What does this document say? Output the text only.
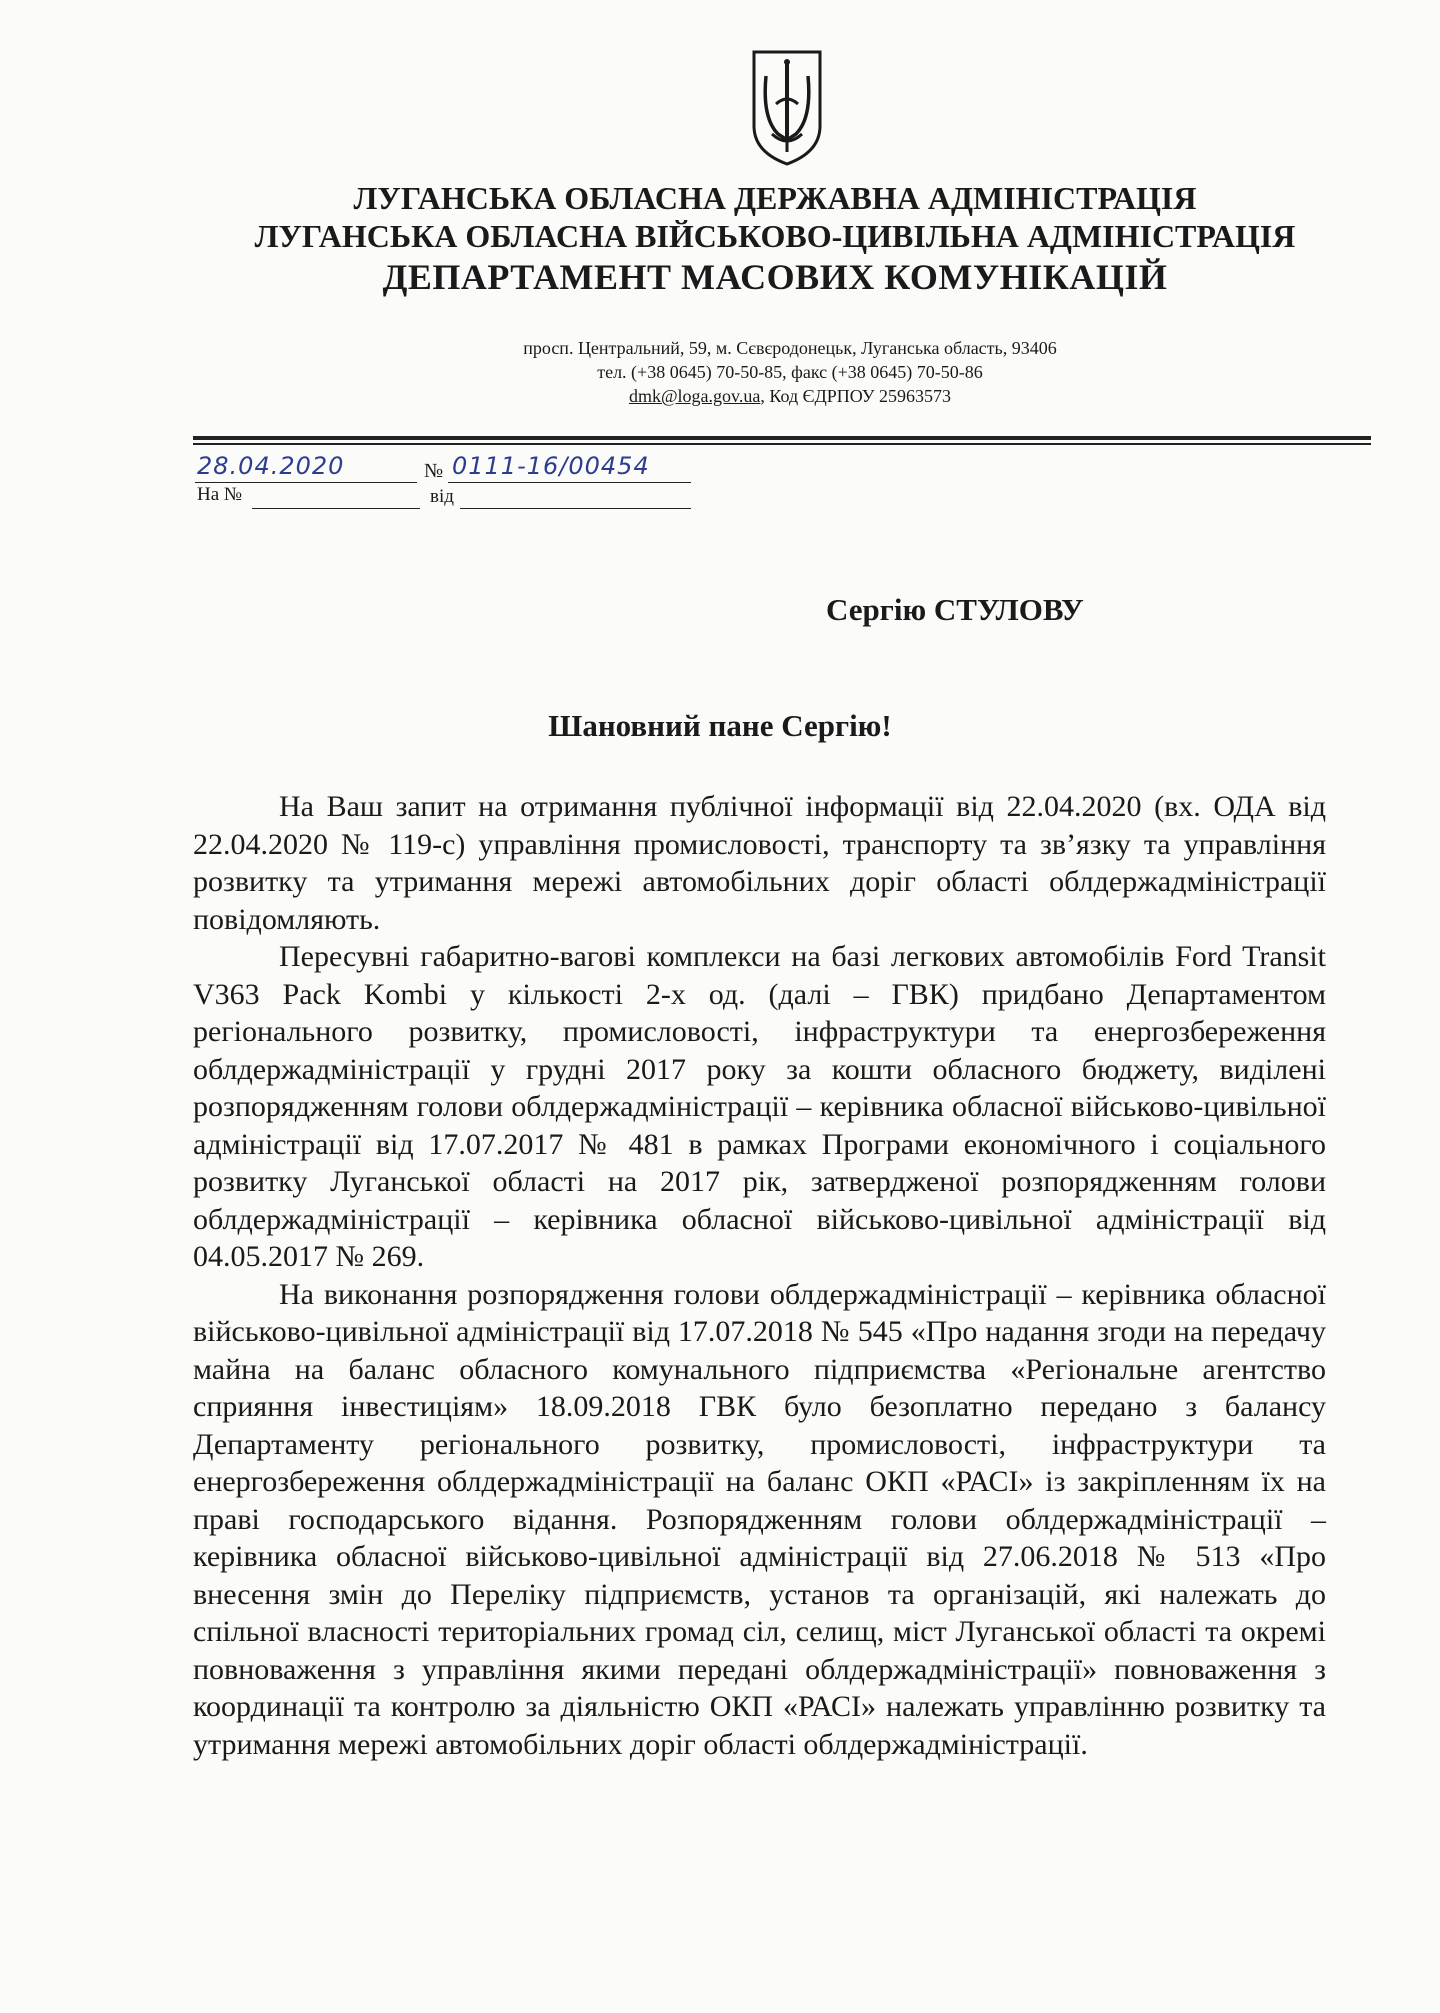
ЛУГАНСЬКА ОБЛАСНА ДЕРЖАВНА АДМІНІСТРАЦІЯ
ЛУГАНСЬКА ОБЛАСНА ВІЙСЬКОВО-ЦИВІЛЬНА АДМІНІСТРАЦІЯ
ДЕПАРТАМЕНТ МАСОВИХ КОМУНІКАЦІЙ
просп. Центральний, 59, м. Сєвєродонецьк, Луганська область, 93406
тел. (+38 0645) 70-50-85, факс (+38 0645) 70-50-86
dmk@loga.gov.ua, Код ЄДРПОУ 25963573
28.04.2020	№ 0111-16/00454
На №	від
Сергію СТУЛОВУ
Шановний пане Сергію!

На Ваш запит на отримання публічної інформації від 22.04.2020 (вх. ОДА від 22.04.2020 № 119-с) управління промисловості, транспорту та зв’язку та управління розвитку та утримання мережі автомобільних доріг області облдержадміністрації повідомляють.

Пересувні габаритно-вагові комплекси на базі легкових автомобілів Ford Transit V363 Pack Kombi у кількості 2-х од. (далі – ГВК) придбано Департаментом регіонального розвитку, промисловості, інфраструктури та енергозбереження облдержадміністрації у грудні 2017 року за кошти обласного бюджету, виділені розпорядженням голови облдержадміністрації – керівника обласної військово-цивільної адміністрації від 17.07.2017 № 481 в рамках Програми економічного і соціального розвитку Луганської області на 2017 рік, затвердженої розпорядженням голови облдержадміністрації – керівника обласної військово-цивільної адміністрації від 04.05.2017 № 269.

На виконання розпорядження голови облдержадміністрації – керівника обласної військово-цивільної адміністрації від 17.07.2018 № 545 «Про надання згоди на передачу майна на баланс обласного комунального підприємства «Регіональне агентство сприяння інвестиціям» 18.09.2018 ГВК було безоплатно передано з балансу Департаменту регіонального розвитку, промисловості, інфраструктури та енергозбереження облдержадміністрації на баланс ОКП «РАСІ» із закріпленням їх на праві господарського відання. Розпорядженням голови облдержадміністрації – керівника обласної військово-цивільної адміністрації від 27.06.2018 № 513 «Про внесення змін до Переліку підприємств, установ та організацій, які належать до спільної власності територіальних громад сіл, селищ, міст Луганської області та окремі повноваження з управління якими передані облдержадміністрації» повноваження з координації та контролю за діяльністю ОКП «РАСІ» належать управлінню розвитку та утримання мережі автомобільних доріг області облдержадміністрації.
